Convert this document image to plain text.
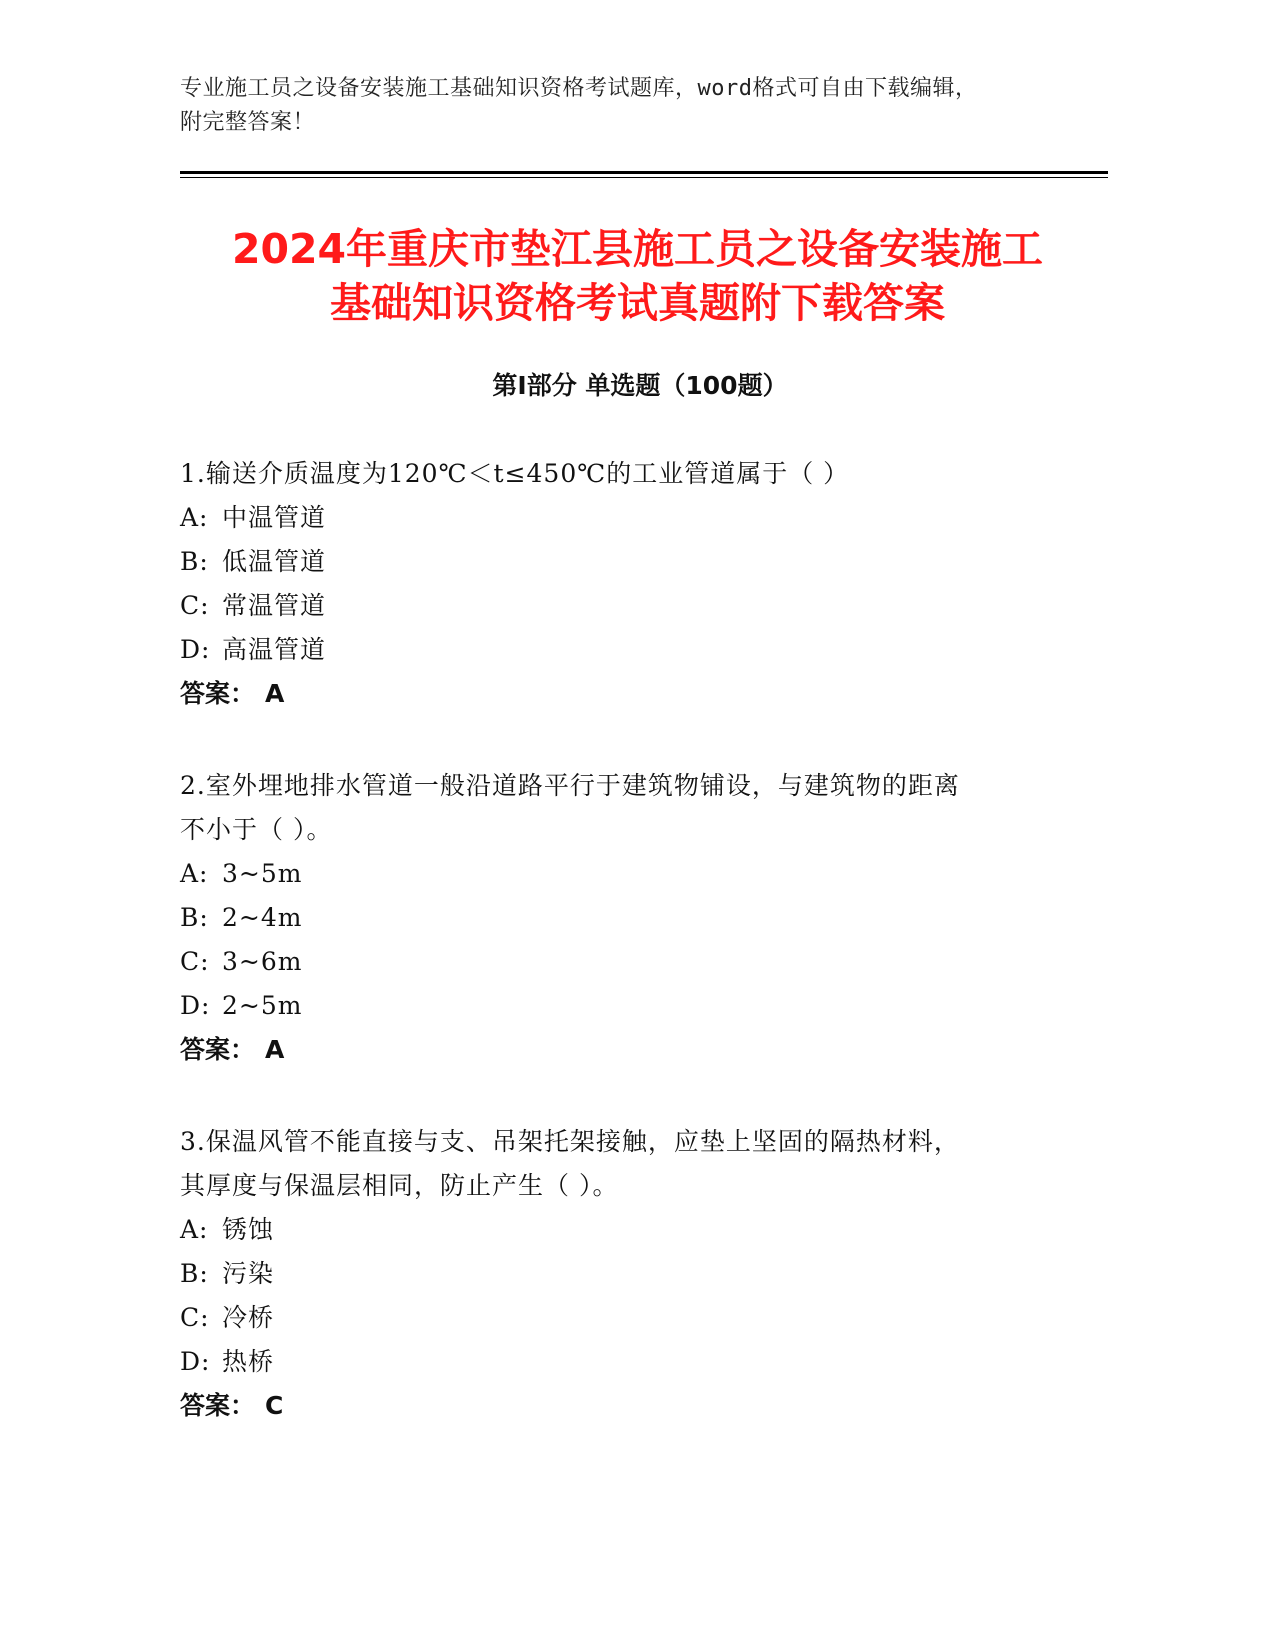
专业施工员之设备安装施工基础知识资格考试题库，word格式可自由下载编辑，
附完整答案！
2024年重庆市垫江县施工员之设备安装施工
基础知识资格考试真题附下载答案
第Ⅰ部分 单选题（100题）
1.输送介质温度为120℃＜t≤450℃的工业管道属于（ ）
A: 中温管道
B: 低温管道
C: 常温管道
D: 高温管道
答案： A
2.室外埋地排水管道一般沿道路平行于建筑物铺设，与建筑物的距离
不小于（ ）。
A: 3~5m
B: 2~4m
C: 3~6m
D: 2~5m
答案： A
3.保温风管不能直接与支、吊架托架接触，应垫上坚固的隔热材料，
其厚度与保温层相同，防止产生（ ）。
A: 锈蚀
B: 污染
C: 冷桥
D: 热桥
答案： C
